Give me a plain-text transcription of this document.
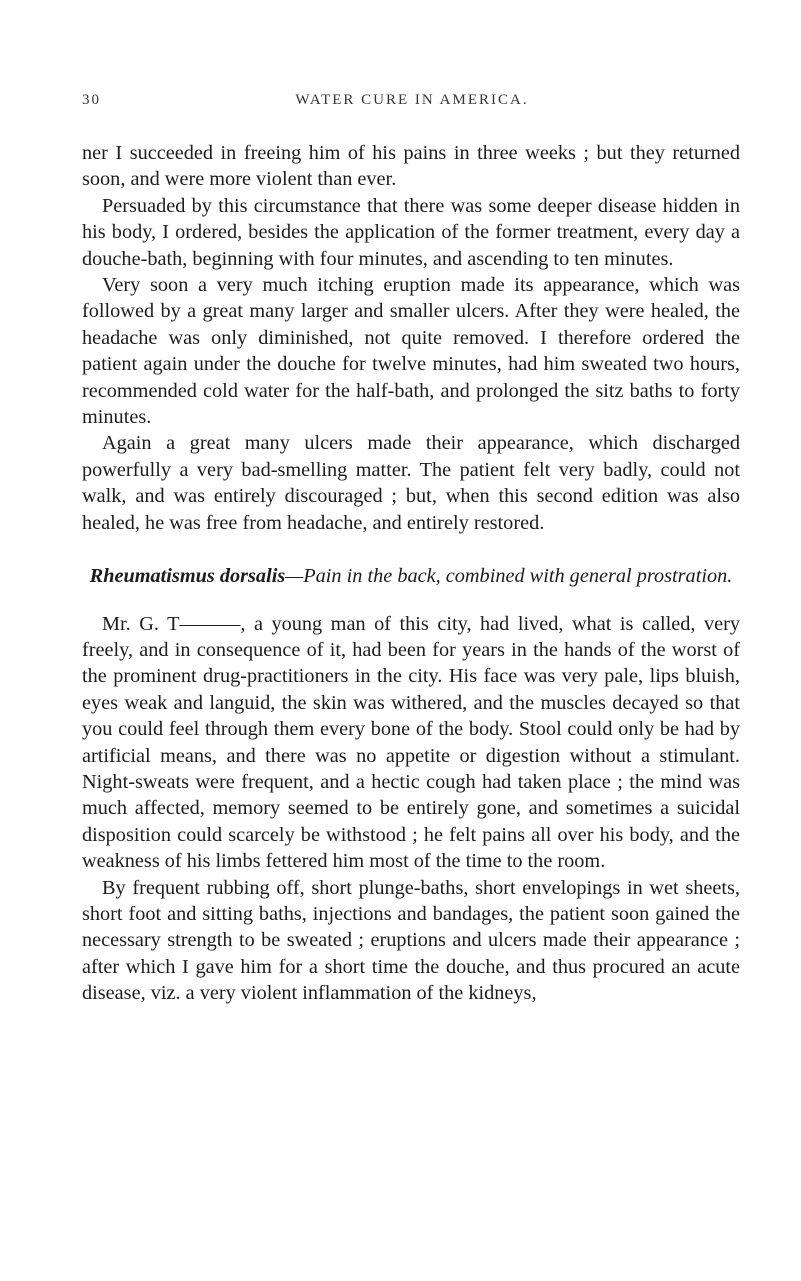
30	WATER CURE IN AMERICA.

ner I succeeded in freeing him of his pains in three weeks ; but they returned soon, and were more violent than ever.

Persuaded by this circumstance that there was some deeper disease hidden in his body, I ordered, besides the application of the former treatment, every day a douche-bath, beginning with four minutes, and ascending to ten minutes.

Very soon a very much itching eruption made its appearance, which was followed by a great many larger and smaller ulcers. After they were healed, the headache was only diminished, not quite removed. I therefore ordered the patient again under the douche for twelve minutes, had him sweated two hours, recommended cold water for the half-bath, and prolonged the sitz baths to forty minutes.

Again a great many ulcers made their appearance, which discharged powerfully a very bad-smelling matter. The patient felt very badly, could not walk, and was entirely discouraged ; but, when this second edition was also healed, he was free from headache, and entirely restored.

Rheumatismus dorsalis—Pain in the back, combined with general prostration.

Mr. G. T———, a young man of this city, had lived, what is called, very freely, and in consequence of it, had been for years in the hands of the worst of the prominent drug-practitioners in the city. His face was very pale, lips bluish, eyes weak and languid, the skin was withered, and the muscles decayed so that you could feel through them every bone of the body. Stool could only be had by artificial means, and there was no appetite or digestion without a stimulant. Night-sweats were frequent, and a hectic cough had taken place ; the mind was much affected, memory seemed to be entirely gone, and sometimes a suicidal disposition could scarcely be withstood ; he felt pains all over his body, and the weakness of his limbs fettered him most of the time to the room.

By frequent rubbing off, short plunge-baths, short envelopings in wet sheets, short foot and sitting baths, injections and bandages, the patient soon gained the necessary strength to be sweated ; eruptions and ulcers made their appearance ; after which I gave him for a short time the douche, and thus procured an acute disease, viz. a very violent inflammation of the kidneys,
